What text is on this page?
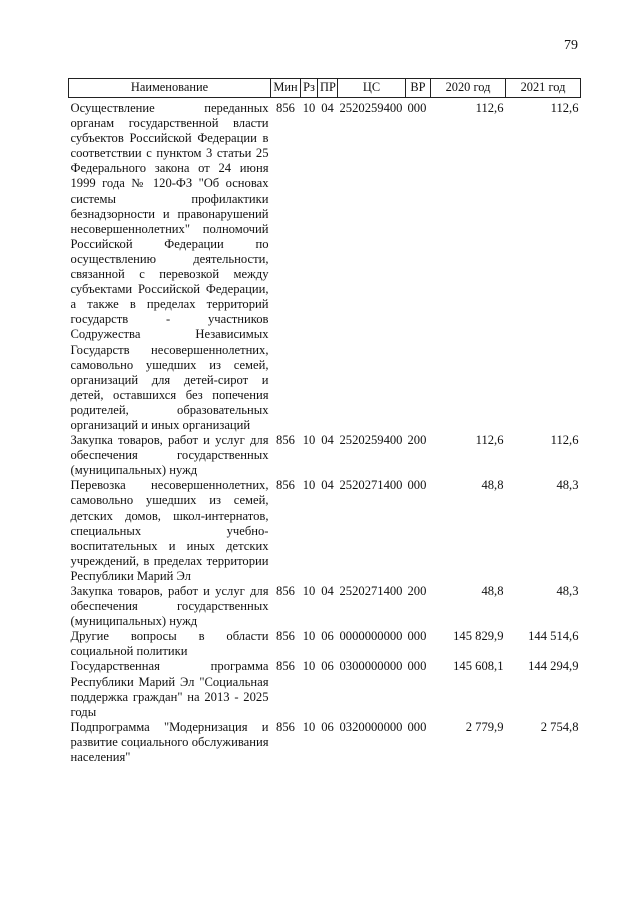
79
Наименование	Мин	Рз	ПР	ЦС	ВР	2020 год	2021 год
Осуществление переданных органам государственной власти субъектов Российской Федерации в соответствии с пунктом 3 статьи 25 Федерального закона от 24 июня 1999 года № 120-ФЗ "Об основах системы профилактики безнадзорности и правонарушений несовершеннолетних" полномочий Российской Федерации по осуществлению деятельности, связанной с перевозкой между субъектами Российской Федерации, а также в пределах территорий государств - участников Содружества Независимых Государств несовершеннолетних, самовольно ушедших из семей, организаций для детей-сирот и детей, оставшихся без попечения родителей, образовательных организаций и иных организаций	856	10	04	2520259400	000	112,6	112,6
Закупка товаров, работ и услуг для обеспечения государственных (муниципальных) нужд	856	10	04	2520259400	200	112,6	112,6
Перевозка несовершеннолетних, самовольно ушедших из семей, детских домов, школ-интернатов, специальных учебно-воспитательных и иных детских учреждений, в пределах территории Республики Марий Эл	856	10	04	2520271400	000	48,8	48,3
Закупка товаров, работ и услуг для обеспечения государственных (муниципальных) нужд	856	10	04	2520271400	200	48,8	48,3
Другие вопросы в области социальной политики	856	10	06	0000000000	000	145 829,9	144 514,6
Государственная программа Республики Марий Эл "Социальная поддержка граждан" на 2013 - 2025 годы	856	10	06	0300000000	000	145 608,1	144 294,9
Подпрограмма "Модернизация и развитие социального обслуживания населения"	856	10	06	0320000000	000	2 779,9	2 754,8
